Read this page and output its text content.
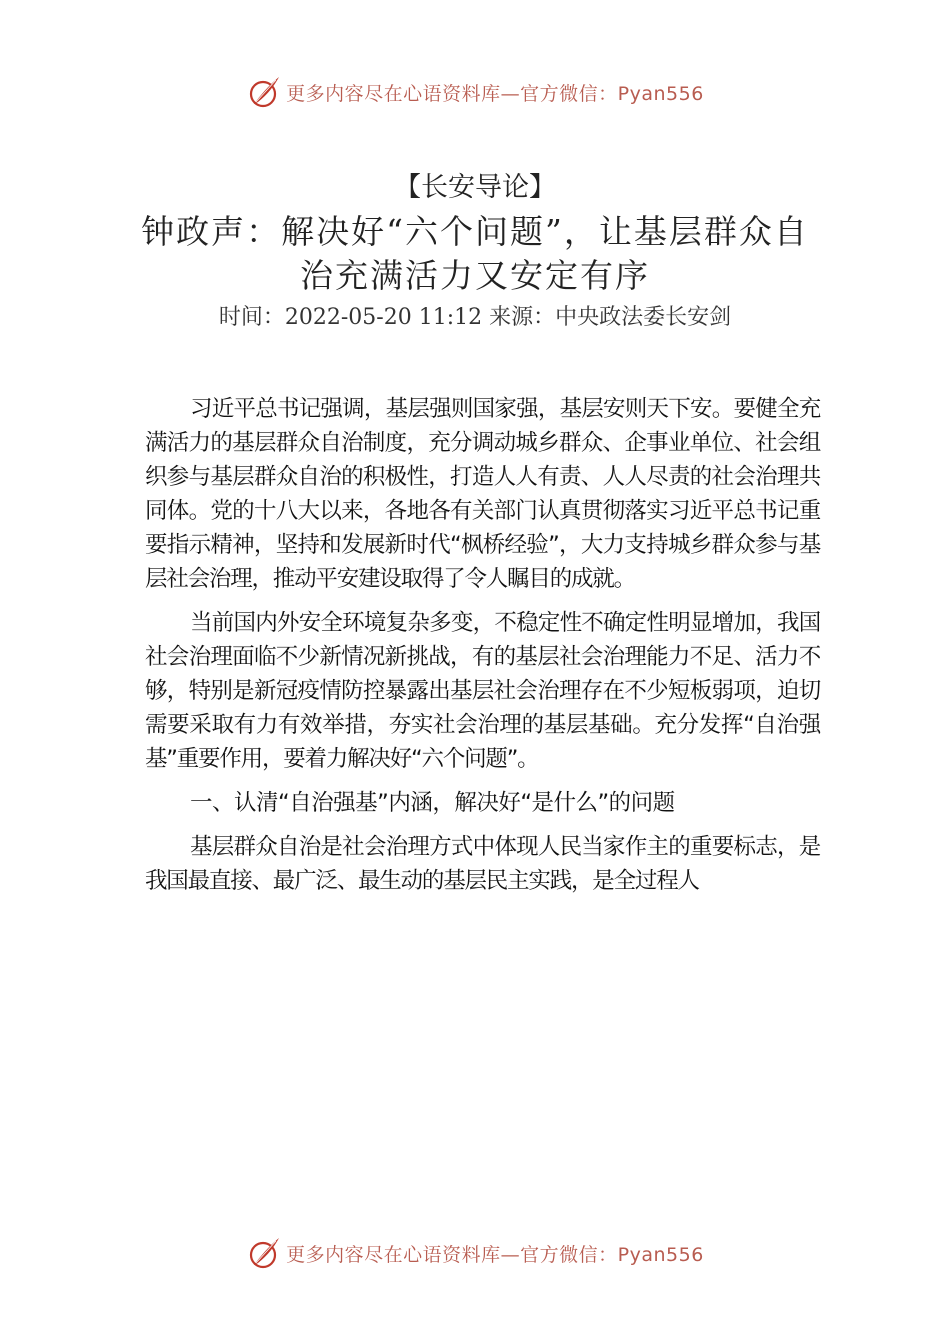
更多内容尽在心语资料库—官方微信：Pyan556
【长安导论】
钟政声：解决好“六个问题”，让基层群众自治充满活力又安定有序
时间：2022-05-20 11:12 来源：中央政法委长安剑

习近平总书记强调，基层强则国家强，基层安则天下安。要健全充满活力的基层群众自治制度，充分调动城乡群众、企事业单位、社会组织参与基层群众自治的积极性，打造人人有责、人人尽责的社会治理共同体。党的十八大以来，各地各有关部门认真贯彻落实习近平总书记重要指示精神，坚持和发展新时代“枫桥经验”，大力支持城乡群众参与基层社会治理，推动平安建设取得了令人瞩目的成就。

当前国内外安全环境复杂多变，不稳定性不确定性明显增加，我国社会治理面临不少新情况新挑战，有的基层社会治理能力不足、活力不够，特别是新冠疫情防控暴露出基层社会治理存在不少短板弱项，迫切需要采取有力有效举措，夯实社会治理的基层基础。充分发挥“自治强基”重要作用，要着力解决好“六个问题”。

一、认清“自治强基”内涵，解决好“是什么”的问题

基层群众自治是社会治理方式中体现人民当家作主的重要标志，是我国最直接、最广泛、最生动的基层民主实践，是全过程人

更多内容尽在心语资料库—官方微信：Pyan556
